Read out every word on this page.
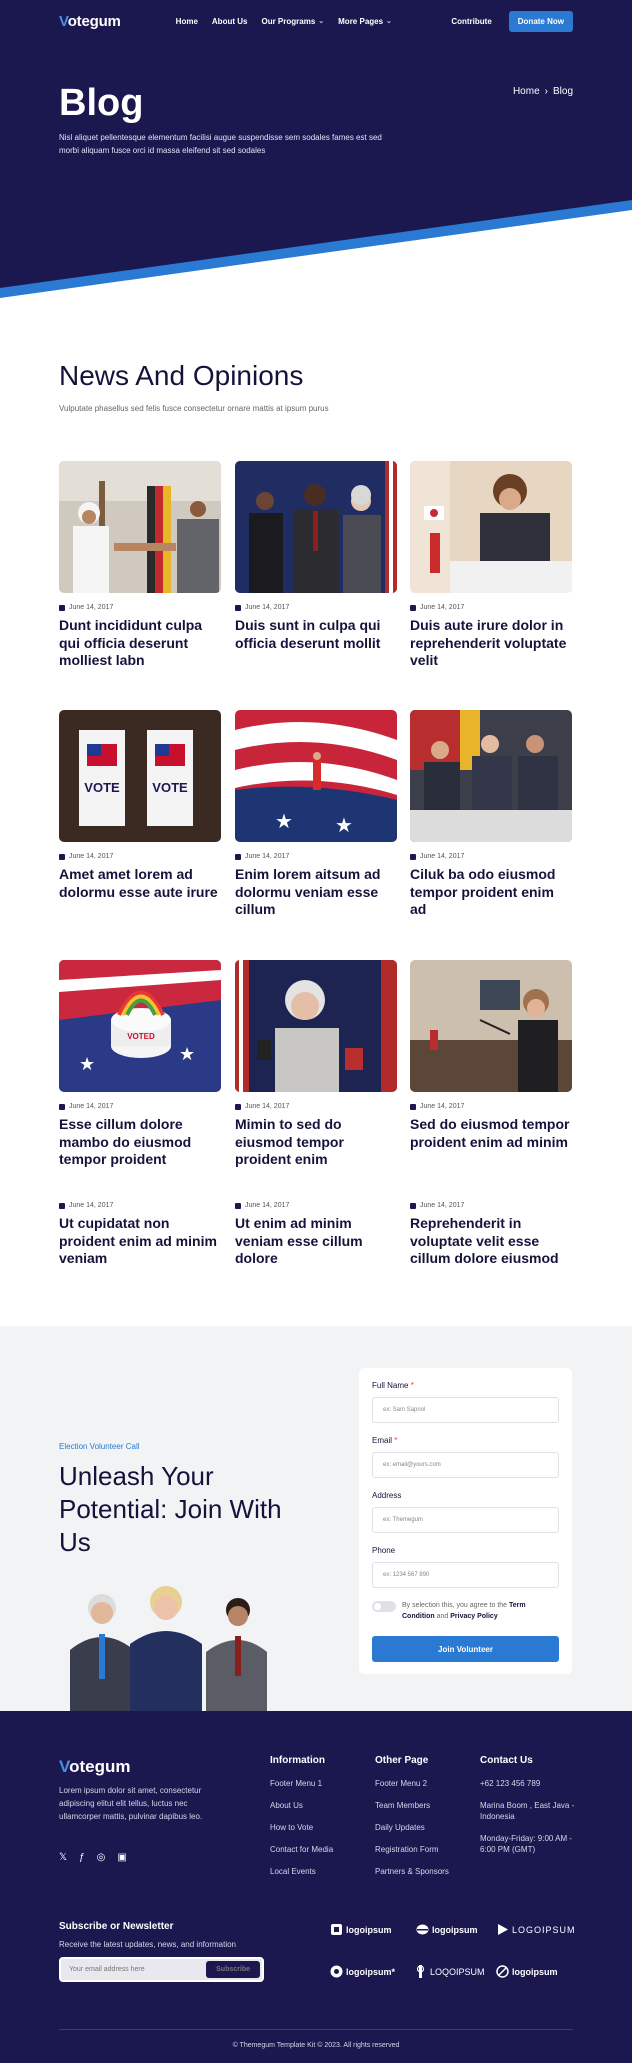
Votegum	Home About Us Our Programs ⌄ More Pages ⌄	Contribute	Donate Now
Blog

Nisl aliquet pellentesque elementum facilisi augue suspendisse sem sodales fames est sed morbi aliquam fusce orci id massa eleifend sit sed sodales

Home › Blog
News And Opinions

Vulputate phasellus sed felis fusce consectetur ornare mattis at ipsum purus

June 14, 2017
Dunt incididunt culpa qui officia deserunt molliest labn
June 14, 2017
Duis sunt in culpa qui officia deserunt mollit
June 14, 2017
Duis aute irure dolor in reprehenderit voluptate velit
VOTE	VOTE
June 14, 2017
Amet amet lorem ad dolormu esse aute irure
★ ★
June 14, 2017
Enim lorem aitsum ad dolormu veniam esse cillum
June 14, 2017
Ciluk ba odo eiusmod tempor proident enim ad
★	★
VOTED
June 14, 2017
Esse cillum dolore mambo do eiusmod tempor proident
June 14, 2017
Mimin to sed do eiusmod tempor proident enim
June 14, 2017
Sed do eiusmod tempor proident enim ad minim
June 14, 2017
Ut cupidatat non proident enim ad minim veniam
June 14, 2017
Ut enim ad minim veniam esse cillum dolore
June 14, 2017
Reprehenderit in voluptate velit esse cillum dolore eiusmod
Election Volunteer Call
Unleash Your Potential: Join With Us
Full Name *
ex: Sam Sapnol
Email *
ex: email@yours.com
Address
ex: Themegum
Phone
ex: 1234 567 890
By selection this, you agree to the Term Condition and Privacy Policy
Join Volunteer
Votegum

Lorem ipsum dolor sit amet, consectetur adipiscing elitut elit tellus, luctus nec ullamcorper mattis, pulvinar dapibus leo.

𝕏 ƒ ◎ ▣
Information
Footer Menu 1
About Us
How to Vote
Contact for Media
Local Events
Other Page
Footer Menu 2
Team Members
Daily Updates
Registration Form
Partners & Sponsors
Contact Us
+62 123 456 789
Marina Boom , East Java - Indonesia
Monday-Friday: 9:00 AM - 6:00 PM (GMT)
Subscribe or Newsletter

Receive the latest updates, news, and information

Your email address here	Subscribe
logoipsum	logoipsum	LOGOIPSUM
logoipsum*	LOQOIPSUM	logoipsum
© Themegum Template Kit © 2023. All rights reserved
